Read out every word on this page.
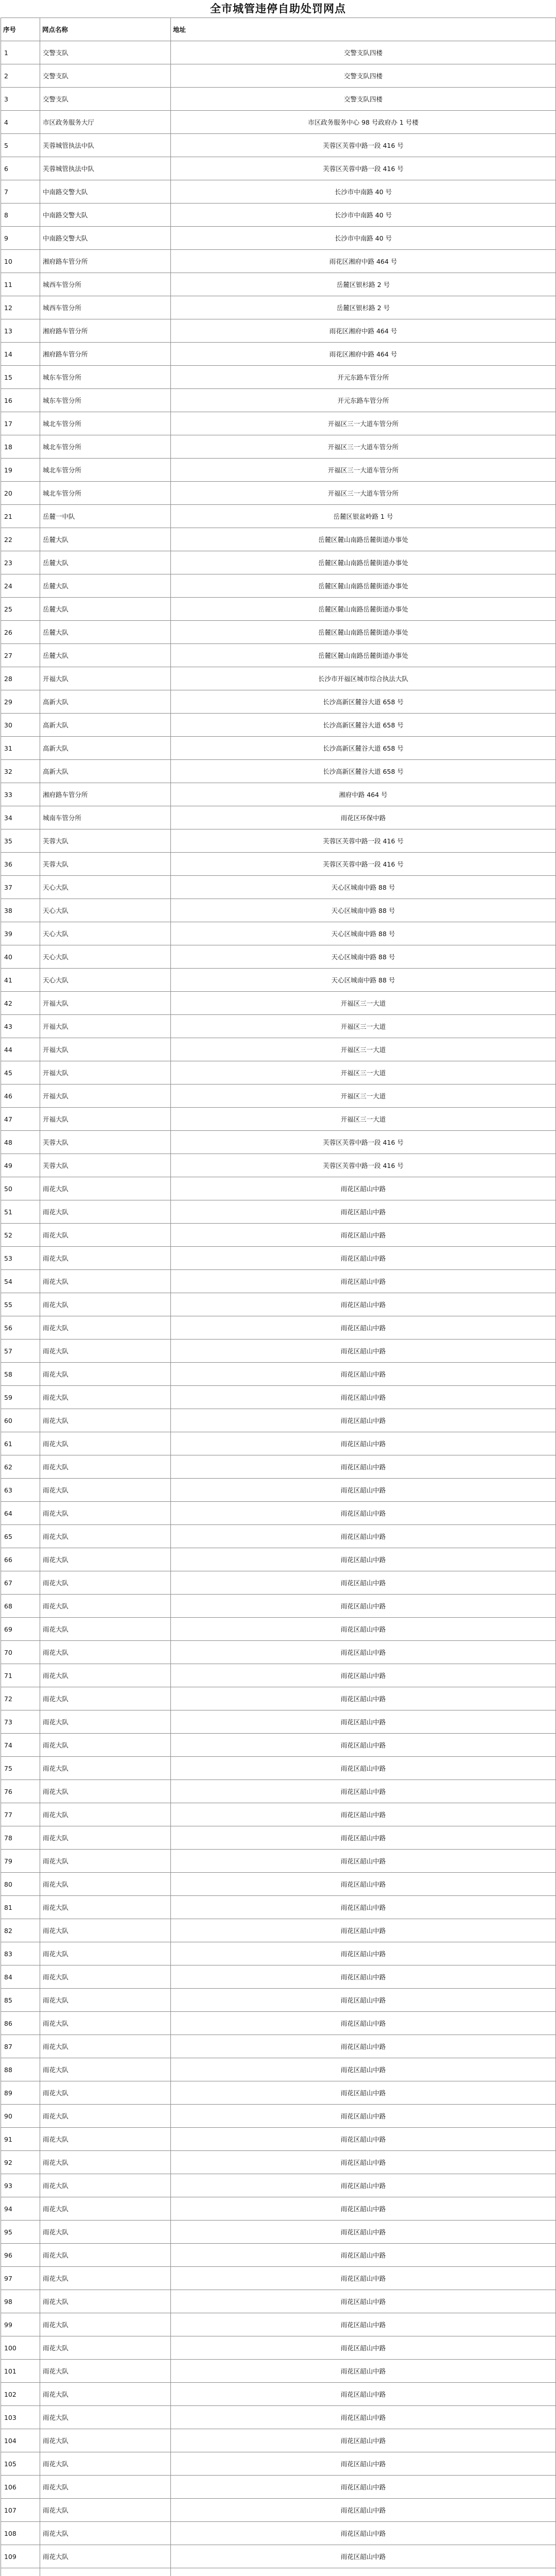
全市城管违停自助处罚网点
序号	网点名称	地址
1	交警支队	交警支队四楼
2	交警支队	交警支队四楼
3	交警支队	交警支队四楼
4	市区政务服务大厅	市区政务服务中心 98 号政府办 1 号楼
5	芙蓉城管执法中队	芙蓉区芙蓉中路一段 416 号
6	芙蓉城管执法中队	芙蓉区芙蓉中路一段 416 号
7	中南路交警大队	长沙市中南路 40 号
8	中南路交警大队	长沙市中南路 40 号
9	中南路交警大队	长沙市中南路 40 号
10	湘府路车管分所	雨花区湘府中路 464 号
11	城西车管分所	岳麓区银杉路 2 号
12	城西车管分所	岳麓区银杉路 2 号
13	湘府路车管分所	雨花区湘府中路 464 号
14	湘府路车管分所	雨花区湘府中路 464 号
15	城东车管分所	开元东路车管分所
16	城东车管分所	开元东路车管分所
17	城北车管分所	开福区三一大道车管分所
18	城北车管分所	开福区三一大道车管分所
19	城北车管分所	开福区三一大道车管分所
20	城北车管分所	开福区三一大道车管分所
21	岳麓一中队	岳麓区银盆岭路 1 号
22	岳麓大队	岳麓区麓山南路岳麓街道办事处
23	岳麓大队	岳麓区麓山南路岳麓街道办事处
24	岳麓大队	岳麓区麓山南路岳麓街道办事处
25	岳麓大队	岳麓区麓山南路岳麓街道办事处
26	岳麓大队	岳麓区麓山南路岳麓街道办事处
27	岳麓大队	岳麓区麓山南路岳麓街道办事处
28	开福大队	长沙市开福区城市综合执法大队
29	高新大队	长沙高新区麓谷大道 658 号
30	高新大队	长沙高新区麓谷大道 658 号
31	高新大队	长沙高新区麓谷大道 658 号
32	高新大队	长沙高新区麓谷大道 658 号
33	湘府路车管分所	湘府中路 464 号
34	城南车管分所	雨花区环保中路
35	芙蓉大队	芙蓉区芙蓉中路一段 416 号
36	芙蓉大队	芙蓉区芙蓉中路一段 416 号
37	天心大队	天心区城南中路 88 号
38	天心大队	天心区城南中路 88 号
39	天心大队	天心区城南中路 88 号
40	天心大队	天心区城南中路 88 号
41	天心大队	天心区城南中路 88 号
42	开福大队	开福区三一大道
43	开福大队	开福区三一大道
44	开福大队	开福区三一大道
45	开福大队	开福区三一大道
46	开福大队	开福区三一大道
47	开福大队	开福区三一大道
48	芙蓉大队	芙蓉区芙蓉中路一段 416 号
49	芙蓉大队	芙蓉区芙蓉中路一段 416 号
50	雨花大队	雨花区韶山中路
51	雨花大队	雨花区韶山中路
52	雨花大队	雨花区韶山中路
53	雨花大队	雨花区韶山中路
54	雨花大队	雨花区韶山中路
55	雨花大队	雨花区韶山中路
56	雨花大队	雨花区韶山中路
57	雨花大队	雨花区韶山中路
58	雨花大队	雨花区韶山中路
59	雨花大队	雨花区韶山中路
60	雨花大队	雨花区韶山中路
61	雨花大队	雨花区韶山中路
62	雨花大队	雨花区韶山中路
63	雨花大队	雨花区韶山中路
64	雨花大队	雨花区韶山中路
65	雨花大队	雨花区韶山中路
66	雨花大队	雨花区韶山中路
67	雨花大队	雨花区韶山中路
68	雨花大队	雨花区韶山中路
69	雨花大队	雨花区韶山中路
70	雨花大队	雨花区韶山中路
71	雨花大队	雨花区韶山中路
72	雨花大队	雨花区韶山中路
73	雨花大队	雨花区韶山中路
74	雨花大队	雨花区韶山中路
75	雨花大队	雨花区韶山中路
76	雨花大队	雨花区韶山中路
77	雨花大队	雨花区韶山中路
78	雨花大队	雨花区韶山中路
79	雨花大队	雨花区韶山中路
80	雨花大队	雨花区韶山中路
81	雨花大队	雨花区韶山中路
82	雨花大队	雨花区韶山中路
83	雨花大队	雨花区韶山中路
84	雨花大队	雨花区韶山中路
85	雨花大队	雨花区韶山中路
86	雨花大队	雨花区韶山中路
87	雨花大队	雨花区韶山中路
88	雨花大队	雨花区韶山中路
89	雨花大队	雨花区韶山中路
90	雨花大队	雨花区韶山中路
91	雨花大队	雨花区韶山中路
92	雨花大队	雨花区韶山中路
93	雨花大队	雨花区韶山中路
94	雨花大队	雨花区韶山中路
95	雨花大队	雨花区韶山中路
96	雨花大队	雨花区韶山中路
97	雨花大队	雨花区韶山中路
98	雨花大队	雨花区韶山中路
99	雨花大队	雨花区韶山中路
100	雨花大队	雨花区韶山中路
101	雨花大队	雨花区韶山中路
102	雨花大队	雨花区韶山中路
103	雨花大队	雨花区韶山中路
104	雨花大队	雨花区韶山中路
105	雨花大队	雨花区韶山中路
106	雨花大队	雨花区韶山中路
107	雨花大队	雨花区韶山中路
108	雨花大队	雨花区韶山中路
109	雨花大队	雨花区韶山中路
